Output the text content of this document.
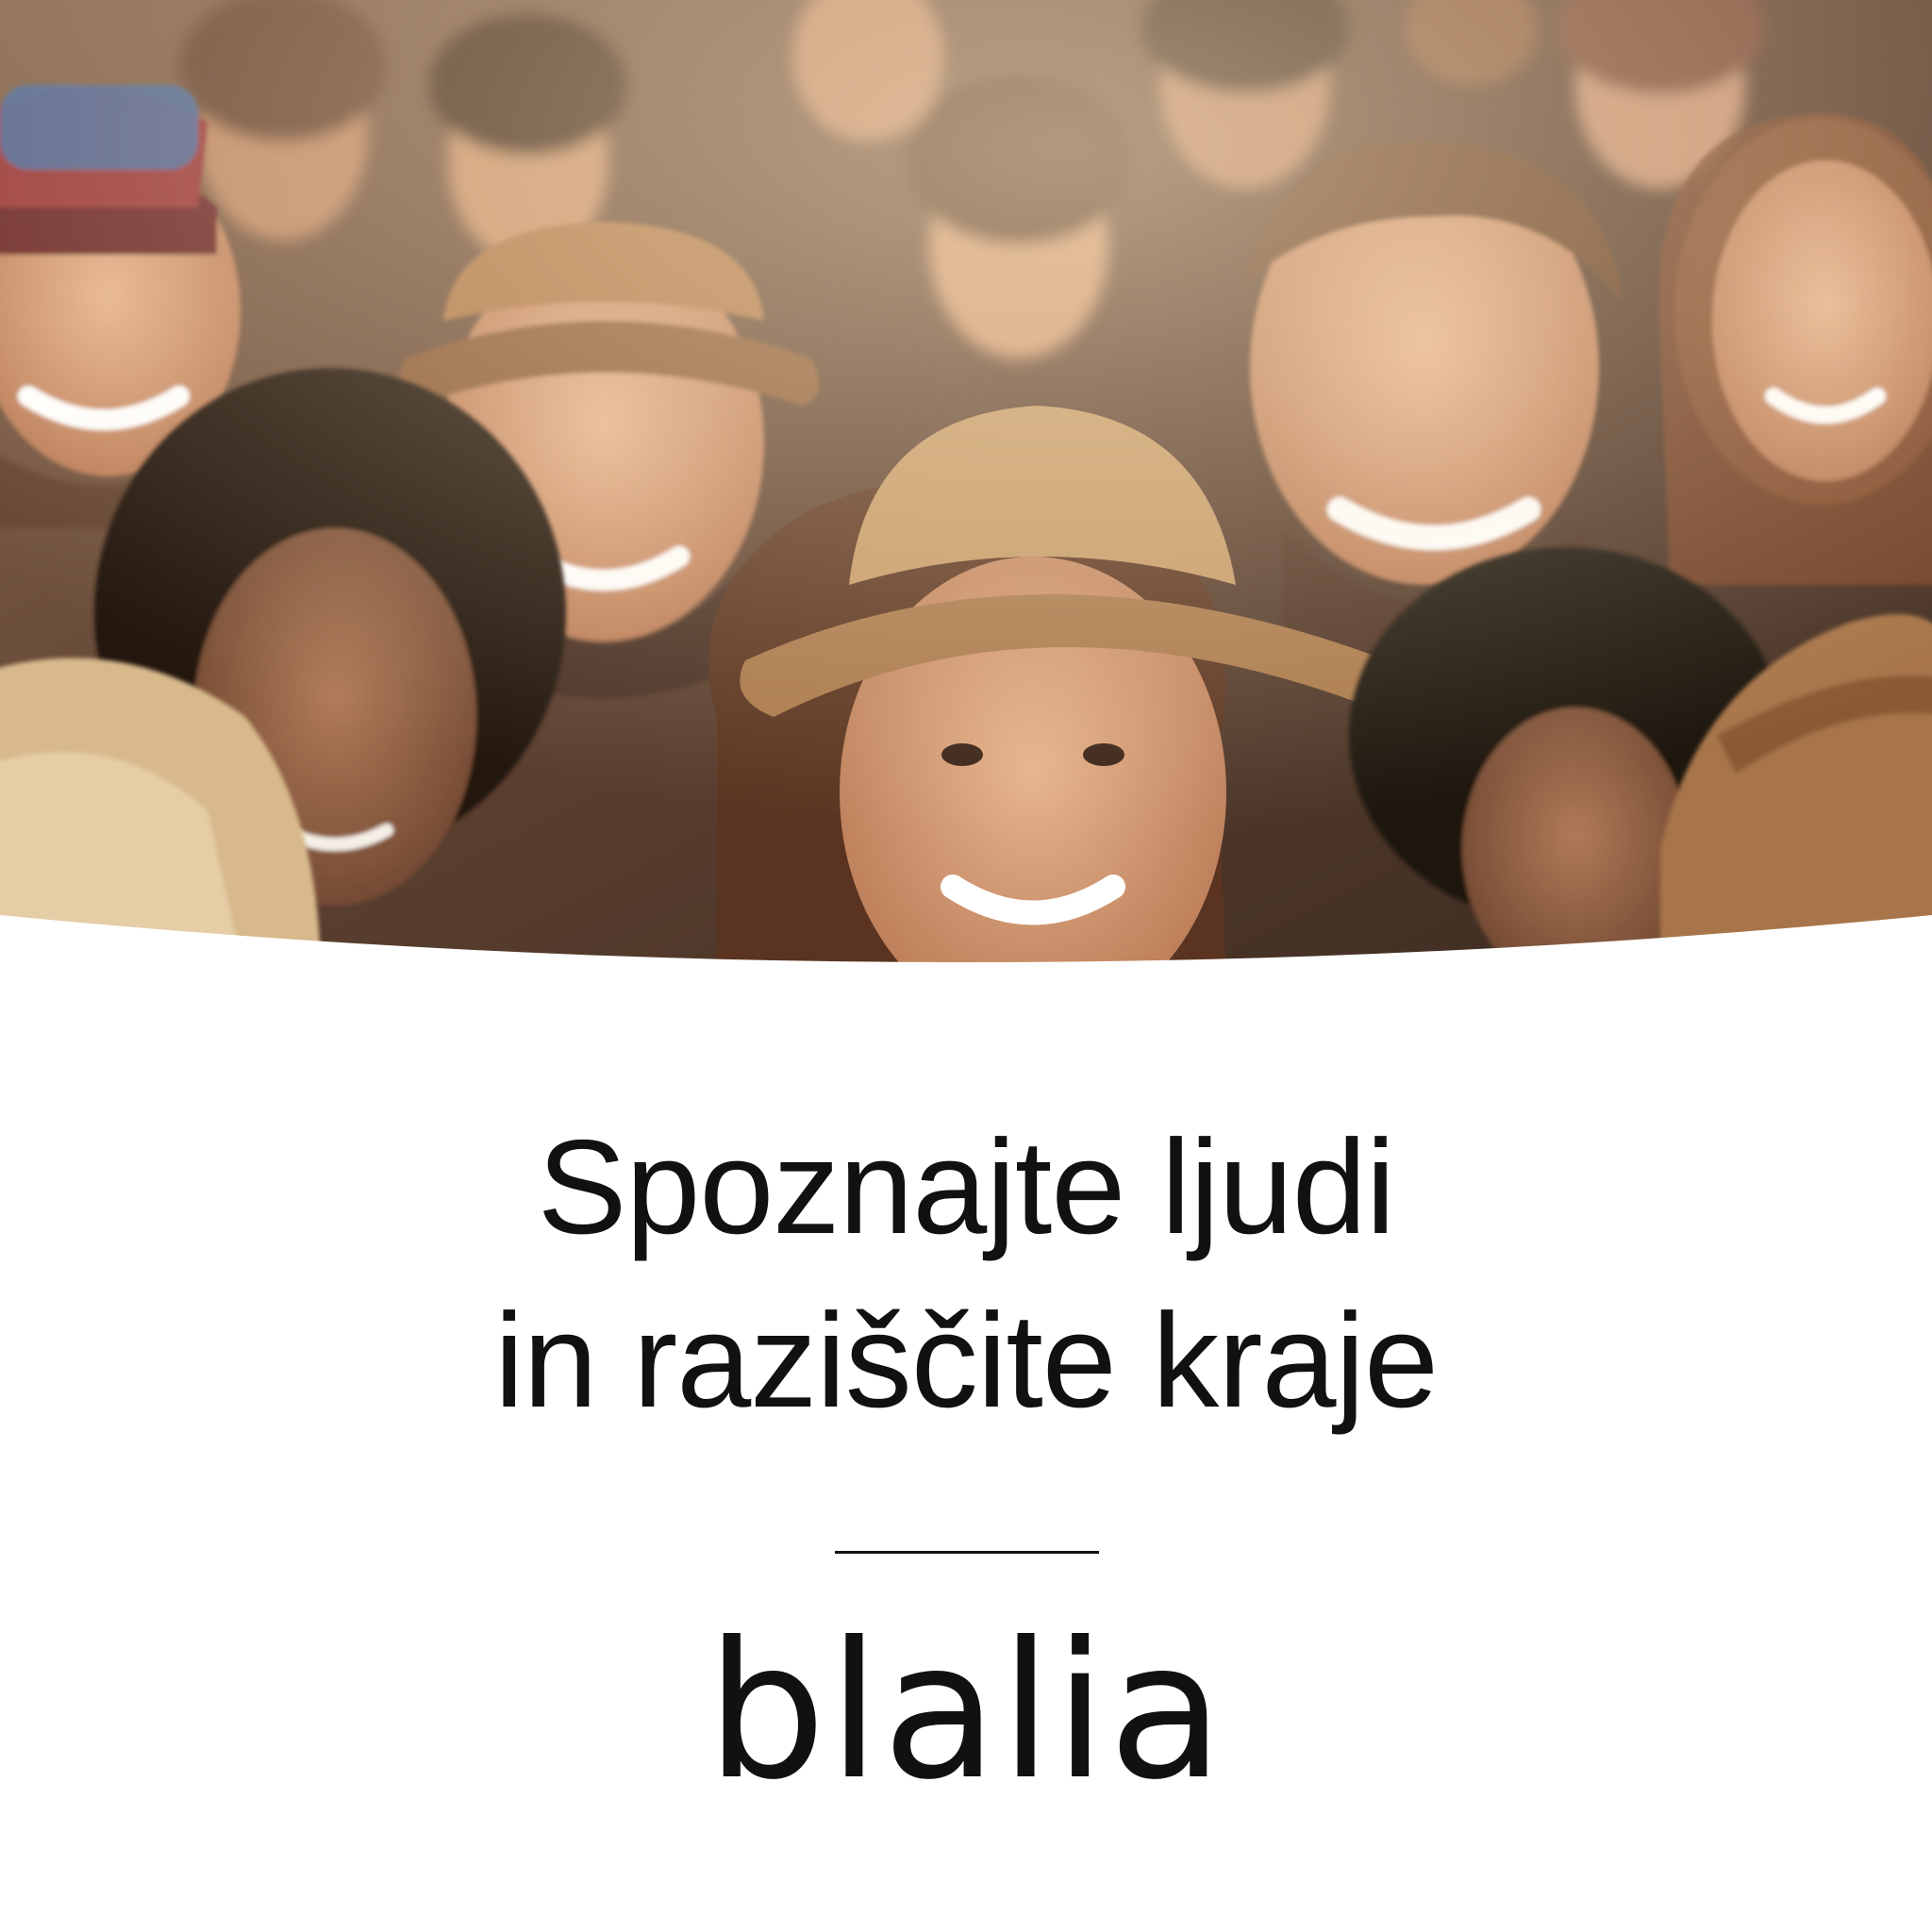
Spoznajte ljudi
in raziščite kraje
blalia
